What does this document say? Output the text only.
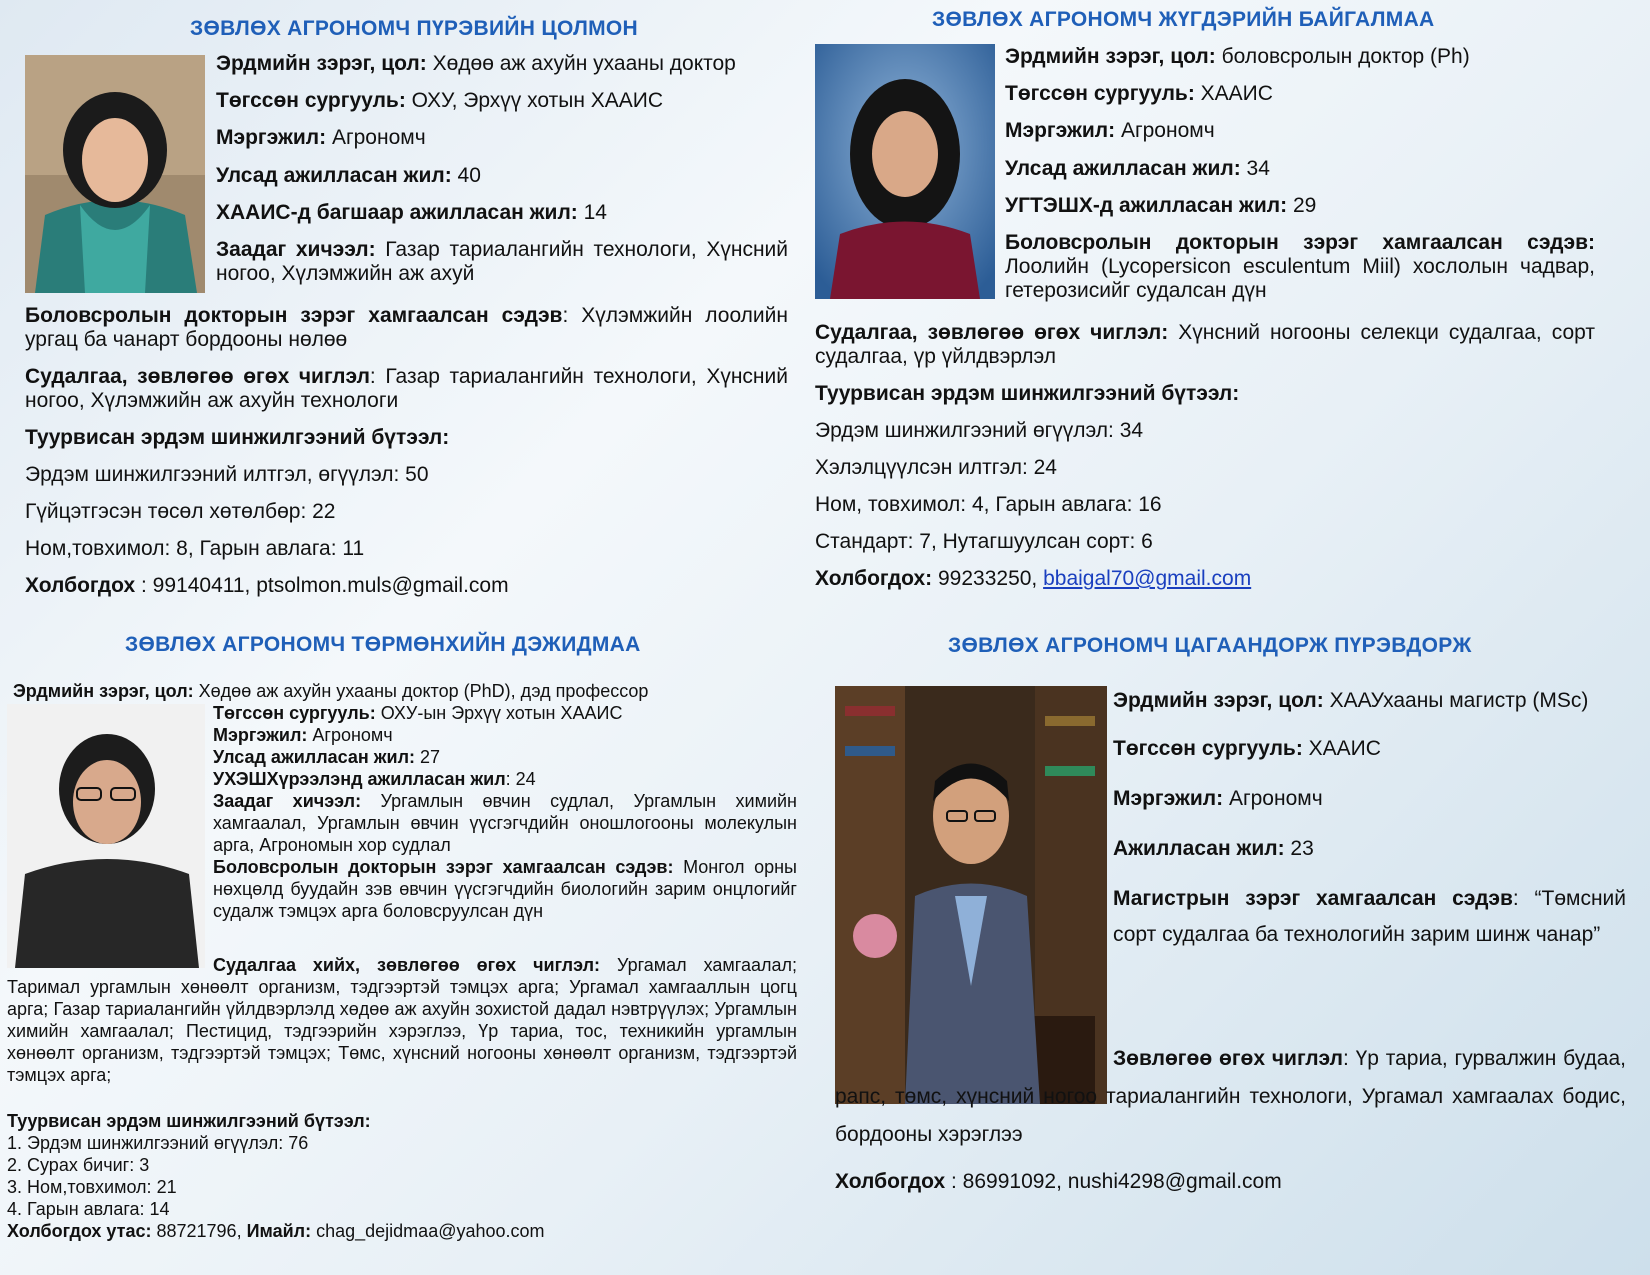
ЗӨВЛӨХ АГРОНОМЧ ПҮРЭВИЙН ЦОЛМОН
Эрдмийн зэрэг, цол: Хөдөө аж ахуйн ухааны доктор
Төгссөн сургууль: ОХУ, Эрхүү хотын ХААИС
Мэргэжил: Агрономч
Улсад ажилласан жил: 40
ХААИС-д багшаар ажилласан жил: 14
Заадаг хичээл: Газар тариалангийн технологи, Хүнсний ногоо, Хүлэмжийн аж ахуй
Боловсролын докторын зэрэг хамгаалсан сэдэв: Хүлэмжийн лоолийн ургац ба чанарт бордооны нөлөө
Судалгаа, зөвлөгөө өгөх чиглэл: Газар тариалангийн технологи, Хүнсний ногоо, Хүлэмжийн аж ахуйн технологи
Туурвисан эрдэм шинжилгээний бүтээл:
Эрдэм шинжилгээний илтгэл, өгүүлэл: 50
Гүйцэтгэсэн төсөл хөтөлбөр: 22
Ном,товхимол: 8, Гарын авлага: 11
Холбогдох : 99140411, ptsolmon.muls@gmail.com
ЗӨВЛӨХ АГРОНОМЧ ЖҮГДЭРИЙН БАЙГАЛМАА
Эрдмийн зэрэг, цол: боловсролын доктор (Ph)
Төгссөн сургууль: ХААИС
Мэргэжил: Агрономч
Улсад ажилласан жил: 34
УГТЭШХ-д ажилласан жил: 29
Боловсролын докторын зэрэг хамгаалсан сэдэв: Лоолийн (Lycopersicon esculentum Miil) хослолын чадвар, гетерозисийг судалсан дүн
Судалгаа, зөвлөгөө өгөх чиглэл: Хүнсний ногооны селекци судалгаа, сорт судалгаа, үр үйлдвэрлэл
Туурвисан эрдэм шинжилгээний бүтээл:
Эрдэм шинжилгээний өгүүлэл: 34
Хэлэлцүүлсэн илтгэл: 24
Ном, товхимол: 4, Гарын авлага: 16
Стандарт: 7, Нутагшуулсан сорт: 6
Холбогдох: 99233250, bbaigal70@gmail.com
ЗӨВЛӨХ АГРОНОМЧ ТӨРМӨНХИЙН ДЭЖИДМАА
Эрдмийн зэрэг, цол: Хөдөө аж ахуйн ухааны доктор (PhD), дэд профессор
Төгссөн сургууль: ОХУ-ын Эрхүү хотын ХААИС
Мэргэжил: Агрономч
Улсад ажилласан жил: 27
УХЭШХүрээлэнд ажилласан жил: 24
Заадаг хичээл: Ургамлын өвчин судлал, Ургамлын химийн хамгаалал, Ургамлын өвчин үүсгэгчдийн оношлогооны молекулын арга, Агрономын хор судлал
Боловсролын докторын зэрэг хамгаалсан сэдэв: Монгол орны нөхцөлд буудайн зэв өвчин үүсгэгчдийн биологийн зарим онцлогийг судалж тэмцэх арга боловсруулсан дүн
Судалгаа хийх, зөвлөгөө өгөх чиглэл: Ургамал хамгаалал; Таримал ургамлын хөнөөлт организм, тэдгээртэй тэмцэх арга; Ургамал хамгааллын цогц арга; Газар тариалангийн үйлдвэрлэлд хөдөө аж ахуйн зохистой дадал нэвтрүүлэх; Ургамлын химийн хамгаалал; Пестицид, тэдгээрийн хэрэглээ, Үр тариа, тос, техникийн ургамлын хөнөөлт организм, тэдгээртэй тэмцэх; Төмс, хүнсний ногооны хөнөөлт организм, тэдгээртэй тэмцэх арга;
Туурвисан эрдэм шинжилгээний бүтээл:
1. Эрдэм шинжилгээний өгүүлэл: 76
2. Сурах бичиг: 3
3. Ном,товхимол: 21
4. Гарын авлага: 14
Холбогдох утас: 88721796, Имайл: chag_dejidmaa@yahoo.com
ЗӨВЛӨХ АГРОНОМЧ ЦАГААНДОРЖ ПҮРЭВДОРЖ
Эрдмийн зэрэг, цол: ХААУхааны магистр (MSc)
Төгссөн сургууль: ХААИС
Мэргэжил: Агрономч
Ажилласан жил: 23
Магистрын зэрэг хамгаалсан сэдэв: “Төмсний сорт судалгаа ба технологийн зарим шинж чанар”
Зөвлөгөө өгөх чиглэл: Үр тариа, гурвалжин будаа, рапс, төмс, хүнсний ногоо тариалангийн технологи, Ургамал хамгаалах бодис, бордооны хэрэглээ
Холбогдох : 86991092, nushi4298@gmail.com
